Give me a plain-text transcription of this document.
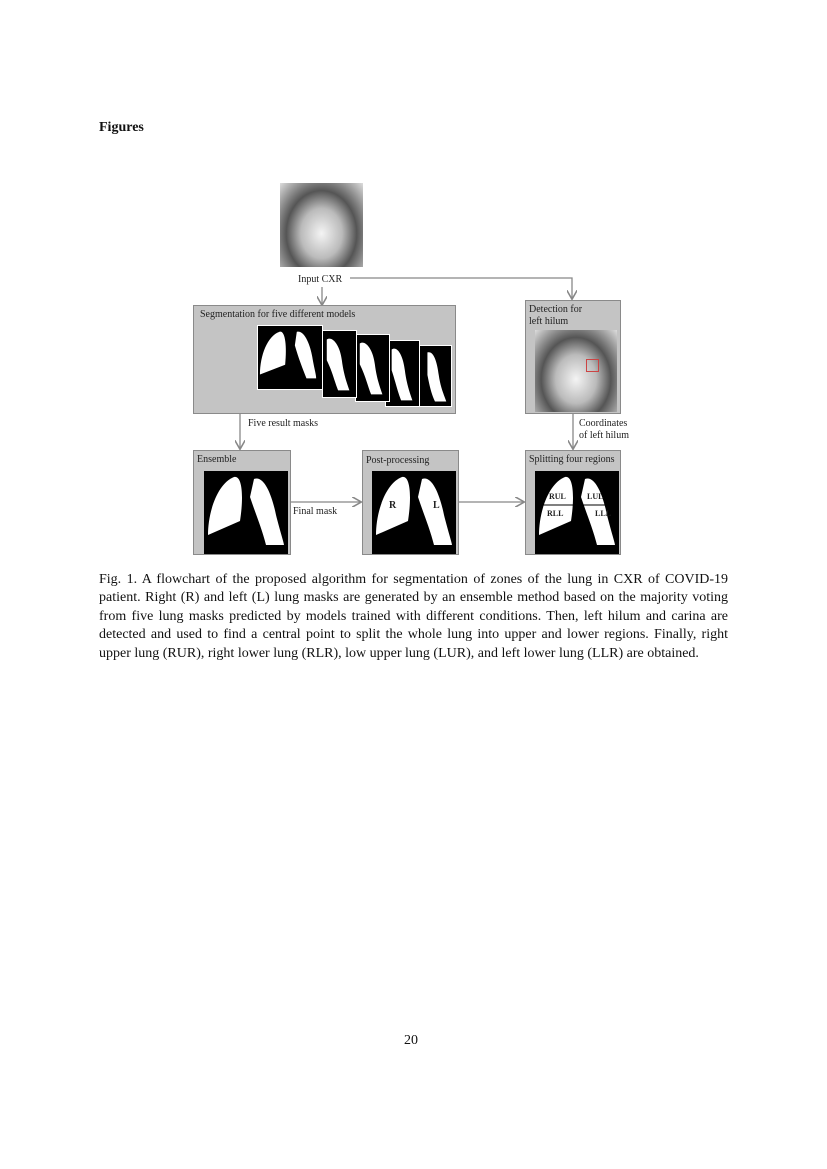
Figures
Input CXR
Segmentation for five different models	Detection for
left hilum
Five result masks	Coordinates
of left hilum
Ensemble
Final mask
Post-processing
R	L
Splitting four regions
RUL	LUL
RLL	LLL
Fig. 1. A flowchart of the proposed algorithm for segmentation of zones of the lung in CXR of COVID-19 patient. Right (R) and left (L) lung masks are generated by an ensemble method based on the majority voting from five lung masks predicted by models trained with different conditions. Then, left hilum and carina are detected and used to find a central point to split the whole lung into upper and lower regions. Finally, right upper lung (RUR), right lower lung (RLR), low upper lung (LUR), and left lower lung (LLR) are obtained.
20
